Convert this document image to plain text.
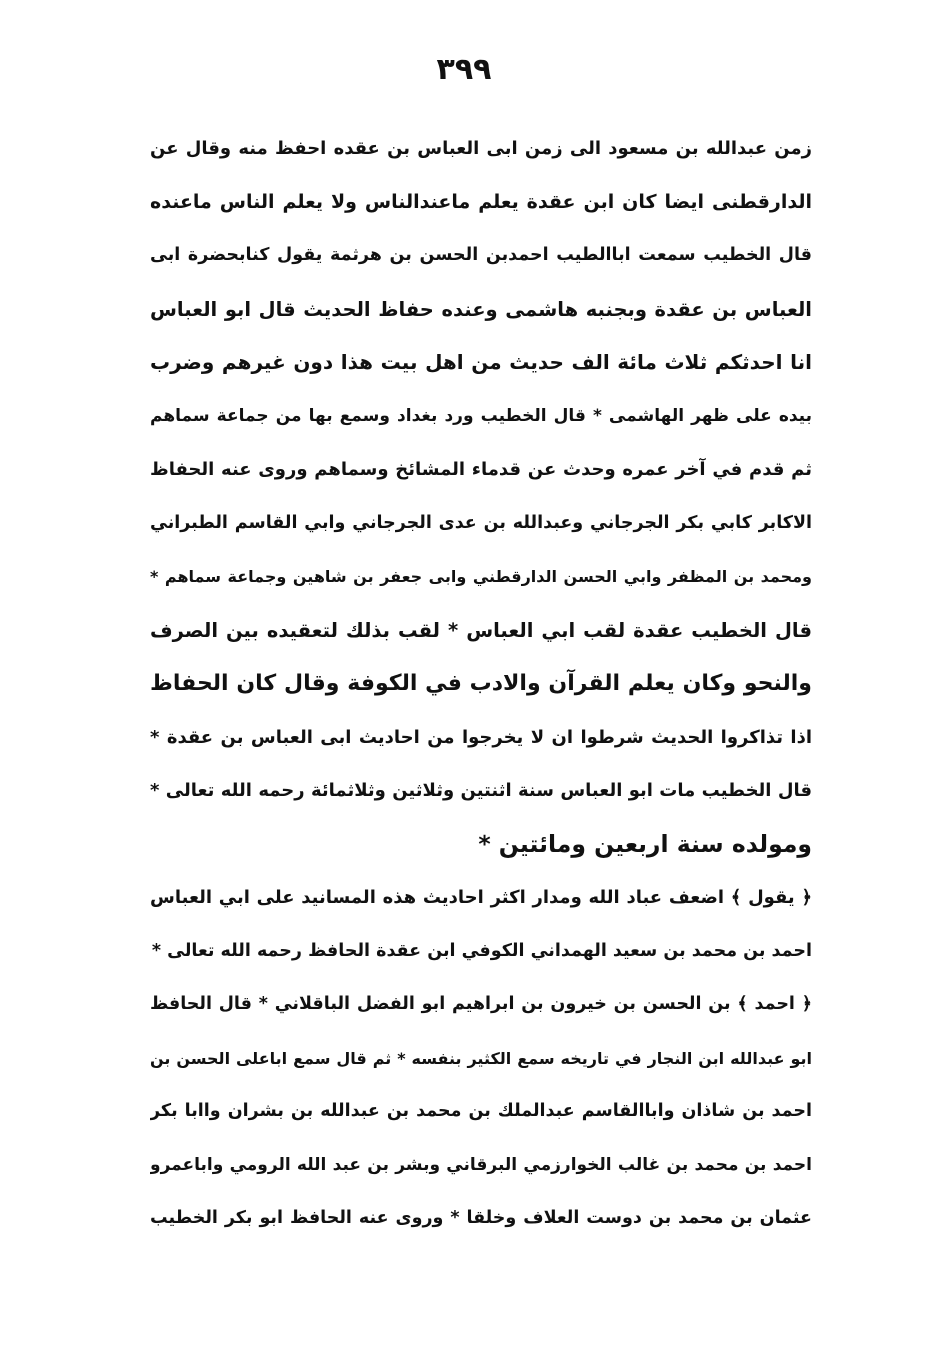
٣٩٩
زمن عبدالله بن مسعود الى زمن ابى العباس بن عقده احفظ منه وقال عن
الدارقطنى ايضا كان ابن عقدة يعلم ماعندالناس ولا يعلم الناس ماعنده
قال الخطيب سمعت اباالطيب احمدبن الحسن بن هرثمة يقول كنابحضرة ابى
العباس بن عقدة وبجنبه هاشمى وعنده حفاظ الحديث قال ابو العباس
انا احدثكم ثلاث مائة الف حديث من اهل بيت هذا دون غيرهم وضرب
بيده على ظهر الهاشمى * قال الخطيب ورد بغداد وسمع بها من جماعة سماهم
ثم قدم في آخر عمره وحدث عن قدماء المشائخ وسماهم وروى عنه الحفاظ
الاكابر كابي بكر الجرجاني وعبدالله بن عدى الجرجاني وابي القاسم الطبراني
ومحمد بن المظفر وابي الحسن الدارقطني وابى جعفر بن شاهين وجماعة سماهم *
قال الخطيب عقدة لقب ابي العباس * لقب بذلك لتعقيده بين الصرف
والنحو وكان يعلم القرآن والادب في الكوفة وقال كان الحفاظ
اذا تذاكروا الحديث شرطوا ان لا يخرجوا من احاديث ابى العباس بن عقدة *
قال الخطيب مات ابو العباس سنة اثنتين وثلاثين وثلاثمائة رحمه الله تعالى *
ومولده سنة اربعين ومائتين *
﴿ يقول ﴾ اضعف عباد الله ومدار اكثر احاديث هذه المسانيد على ابي العباس
احمد بن محمد بن سعيد الهمداني الكوفي ابن عقدة الحافظ رحمه الله تعالى *
﴿ احمد ﴾ بن الحسن بن خيرون بن ابراهيم ابو الفضل الباقلاني * قال الحافظ
ابو عبدالله ابن النجار في تاريخه سمع الكثير بنفسه * ثم قال سمع اباعلى الحسن بن
احمد بن شاذان واباالقاسم عبدالملك بن محمد بن عبدالله بن بشران واابا بكر
احمد بن محمد بن غالب الخوارزمي البرقاني وبشر بن عبد الله الرومي واباعمرو
عثمان بن محمد بن دوست العلاف وخلقا * وروى عنه الحافظ ابو بكر الخطيب
